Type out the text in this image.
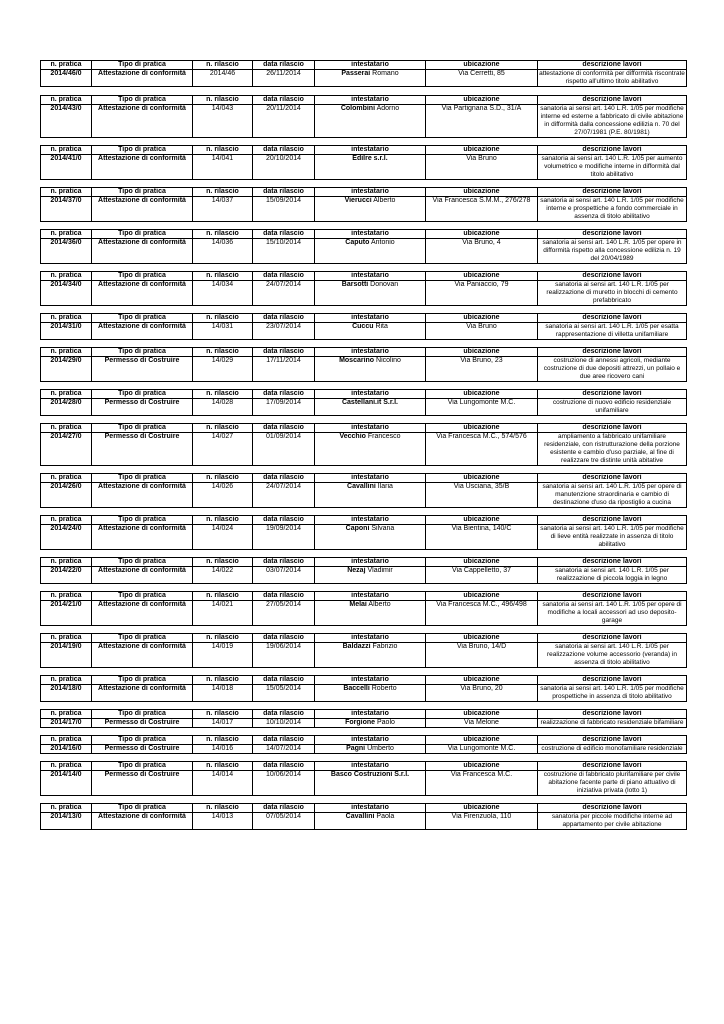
n. pratica	Tipo di pratica	n. rilascio	data rilascio	intestatario	ubicazione	descrizione lavori
2014/46/0	Attestazione di conformità	2014/46	26/11/2014	Passerai Romano	Via Cerretti, 85	attestazione di conformità per difformità riscontrate rispetto all'ultimo titolo abilitativo
n. pratica	Tipo di pratica	n. rilascio	data rilascio	intestatario	ubicazione	descrizione lavori
2014/43/0	Attestazione di conformità	14/043	20/11/2014	Colombini Adorno	Via Partignana S.D., 31/A	sanatoria ai sensi art. 140 L.R. 1/05 per modifiche interne ed esterne a fabbricato di civile abitazione in difformità dalla concessione edilizia n. 70 del 27/07/1981 (P.E. 80/1981)
n. pratica	Tipo di pratica	n. rilascio	data rilascio	intestatario	ubicazione	descrizione lavori
2014/41/0	Attestazione di conformità	14/041	20/10/2014	Edilre s.r.l.	Via Bruno	sanatoria ai sensi art. 140 L.R. 1/05 per aumento volumetrico e modifiche interne in difformità dal titolo abilitativo
n. pratica	Tipo di pratica	n. rilascio	data rilascio	intestatario	ubicazione	descrizione lavori
2014/37/0	Attestazione di conformità	14/037	15/09/2014	Vierucci Alberto	Via Francesca S.M.M., 276/278	sanatoria ai sensi art. 140 L.R. 1/05 per modifiche interne e prospettiche a fondo commerciale in assenza di titolo abilitativo
n. pratica	Tipo di pratica	n. rilascio	data rilascio	intestatario	ubicazione	descrizione lavori
2014/36/0	Attestazione di conformità	14/036	15/10/2014	Caputo Antonio	Via Bruno, 4	sanatoria ai sensi art. 140 L.R. 1/05 per opere in difformità rispetto alla concessione edilizia n. 19 del 20/04/1989
n. pratica	Tipo di pratica	n. rilascio	data rilascio	intestatario	ubicazione	descrizione lavori
2014/34/0	Attestazione di conformità	14/034	24/07/2014	Barsotti Donovan	Via Paniaccio, 79	sanatoria ai sensi art. 140 L.R. 1/05 per realizzazione di muretto in blocchi di cemento prefabbricato
n. pratica	Tipo di pratica	n. rilascio	data rilascio	intestatario	ubicazione	descrizione lavori
2014/31/0	Attestazione di conformità	14/031	23/07/2014	Cuccu Rita	Via Bruno	sanatoria ai sensi art. 140 L.R. 1/05 per esatta rappresentazione di villetta unifamiliare
n. pratica	Tipo di pratica	n. rilascio	data rilascio	intestatario	ubicazione	descrizione lavori
2014/29/0	Permesso di Costruire	14/029	17/11/2014	Moscarino Nicolino	Via Bruno, 23	costruzione di annessi agricoli, mediante costruzione di due depositi attrezzi, un pollaio e due aree ricovero cani
n. pratica	Tipo di pratica	n. rilascio	data rilascio	intestatario	ubicazione	descrizione lavori
2014/28/0	Permesso di Costruire	14/028	17/09/2014	Castellani.it S.r.l.	Via Lungomonte M.C.	costruzione di nuovo edificio residenziale unifamiliare
n. pratica	Tipo di pratica	n. rilascio	data rilascio	intestatario	ubicazione	descrizione lavori
2014/27/0	Permesso di Costruire	14/027	01/09/2014	Vecchio Francesco	Via Francesca M.C., 574/576	ampliamento a fabbricato unifamiliare residenziale, con ristrutturazione della porzione esistente e cambio d'uso parziale, al fine di realizzare tre distinte unità abitative
n. pratica	Tipo di pratica	n. rilascio	data rilascio	intestatario	ubicazione	descrizione lavori
2014/26/0	Attestazione di conformità	14/026	24/07/2014	Cavallini Ilaria	Via Usciana, 35/B	sanatoria ai sensi art. 140 L.R. 1/05 per opere di manutenzione straordinaria e cambio di destinazione d'uso da ripostiglio a cucina
n. pratica	Tipo di pratica	n. rilascio	data rilascio	intestatario	ubicazione	descrizione lavori
2014/24/0	Attestazione di conformità	14/024	19/09/2014	Caponi Silvana	Via Bientina, 140/C	sanatoria ai sensi art. 140 L.R. 1/05 per modifiche di lieve entità realizzate in assenza di titolo abilitativo
n. pratica	Tipo di pratica	n. rilascio	data rilascio	intestatario	ubicazione	descrizione lavori
2014/22/0	Attestazione di conformità	14/022	03/07/2014	Nezaj Vladimir	Via Cappelletto, 37	sanatoria ai sensi art. 140 L.R. 1/05 per realizzazione di piccola loggia in legno
n. pratica	Tipo di pratica	n. rilascio	data rilascio	intestatario	ubicazione	descrizione lavori
2014/21/0	Attestazione di conformità	14/021	27/05/2014	Melai Alberto	Via Francesca M.C., 496/498	sanatoria ai sensi art. 140 L.R. 1/05 per opere di modifiche a locali accessori ad uso deposito-garage
n. pratica	Tipo di pratica	n. rilascio	data rilascio	intestatario	ubicazione	descrizione lavori
2014/19/0	Attestazione di conformità	14/019	19/06/2014	Baldazzi Fabrizio	Via Bruno, 14/D	sanatoria ai sensi art. 140 L.R. 1/05 per realizzazione volume accessorio (veranda) in assenza di titolo abilitativo
n. pratica	Tipo di pratica	n. rilascio	data rilascio	intestatario	ubicazione	descrizione lavori
2014/18/0	Attestazione di conformità	14/018	15/05/2014	Baccelli Roberto	Via Bruno, 20	sanatoria ai sensi art. 140 L.R. 1/05 per modifiche prospettiche in assenza di titolo abilitativo
n. pratica	Tipo di pratica	n. rilascio	data rilascio	intestatario	ubicazione	descrizione lavori
2014/17/0	Permesso di Costruire	14/017	10/10/2014	Forgione Paolo	Via Melone	realizzazione di fabbricato residenziale bifamiliare
n. pratica	Tipo di pratica	n. rilascio	data rilascio	intestatario	ubicazione	descrizione lavori
2014/16/0	Permesso di Costruire	14/016	14/07/2014	Pagni Umberto	Via Lungomonte M.C.	costruzione di edificio monofamiliare residenziale
n. pratica	Tipo di pratica	n. rilascio	data rilascio	intestatario	ubicazione	descrizione lavori
2014/14/0	Permesso di Costruire	14/014	10/06/2014	Basco Costruzioni S.r.l.	Via Francesca M.C.	costruzione di fabbricato plurifamiliare per civile abitazione facente parte di piano attuativo di iniziativa privata (lotto 1)
n. pratica	Tipo di pratica	n. rilascio	data rilascio	intestatario	ubicazione	descrizione lavori
2014/13/0	Attestazione di conformità	14/013	07/05/2014	Cavallini Paola	Via Firenzuola, 110	sanatoria per piccole modifiche interne ad appartamento per civile abitazione
